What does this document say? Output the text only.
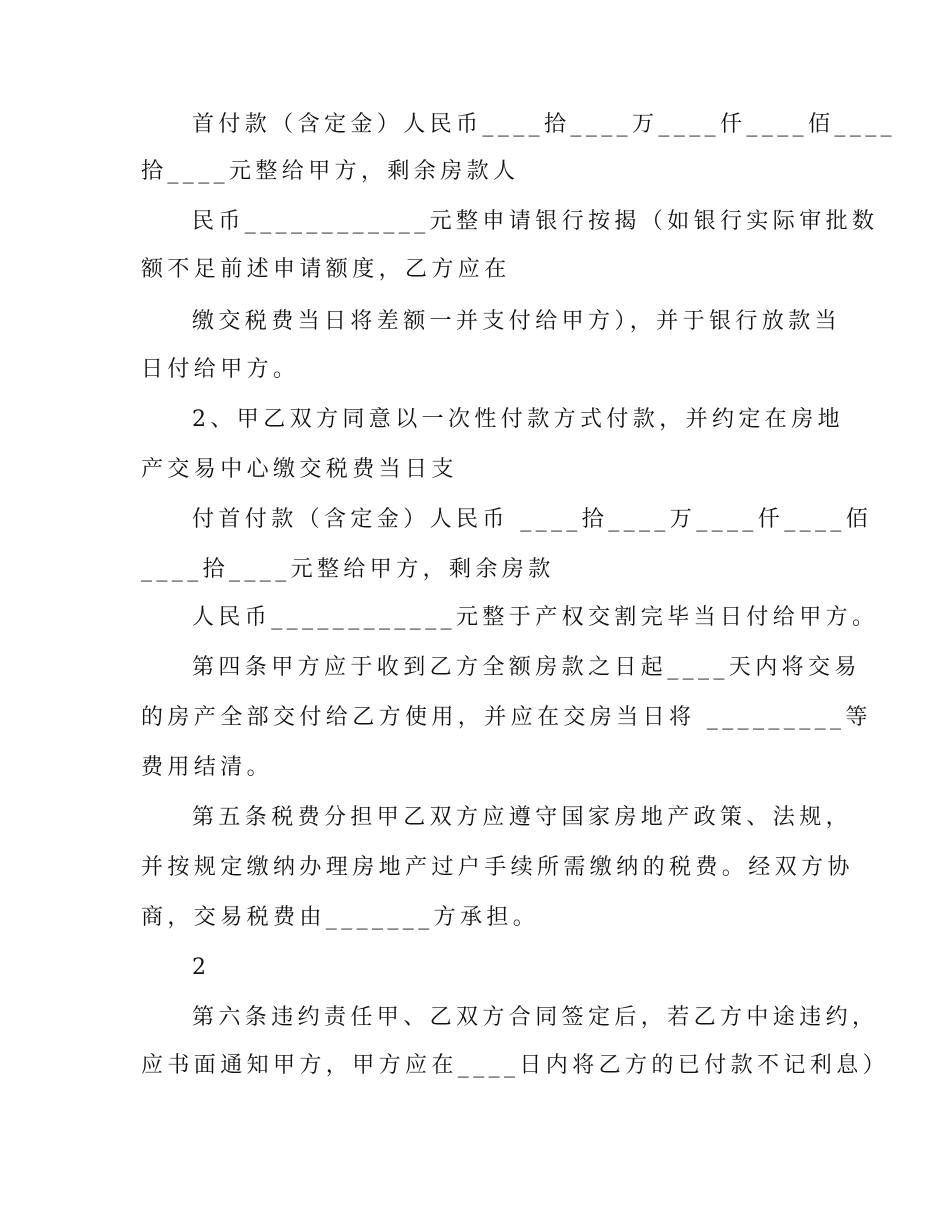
首付款（含定金）人民币____拾____万____仟____佰____
拾____元整给甲方，剩余房款人
民币____________元整申请银行按揭（如银行实际审批数
额不足前述申请额度，乙方应在
缴交税费当日将差额一并支付给甲方），并于银行放款当
日付给甲方。
2、甲乙双方同意以一次性付款方式付款，并约定在房地
产交易中心缴交税费当日支
付首付款（含定金）人民币 ____拾____万____仟____佰
____拾____元整给甲方，剩余房款
人民币____________元整于产权交割完毕当日付给甲方。
第四条甲方应于收到乙方全额房款之日起____天内将交易
的房产全部交付给乙方使用，并应在交房当日将 _________等
费用结清。
第五条税费分担甲乙双方应遵守国家房地产政策、法规，
并按规定缴纳办理房地产过户手续所需缴纳的税费。经双方协
商，交易税费由_______方承担。
2
第六条违约责任甲、乙双方合同签定后，若乙方中途违约，
应书面通知甲方，甲方应在____日内将乙方的已付款不记利息）
